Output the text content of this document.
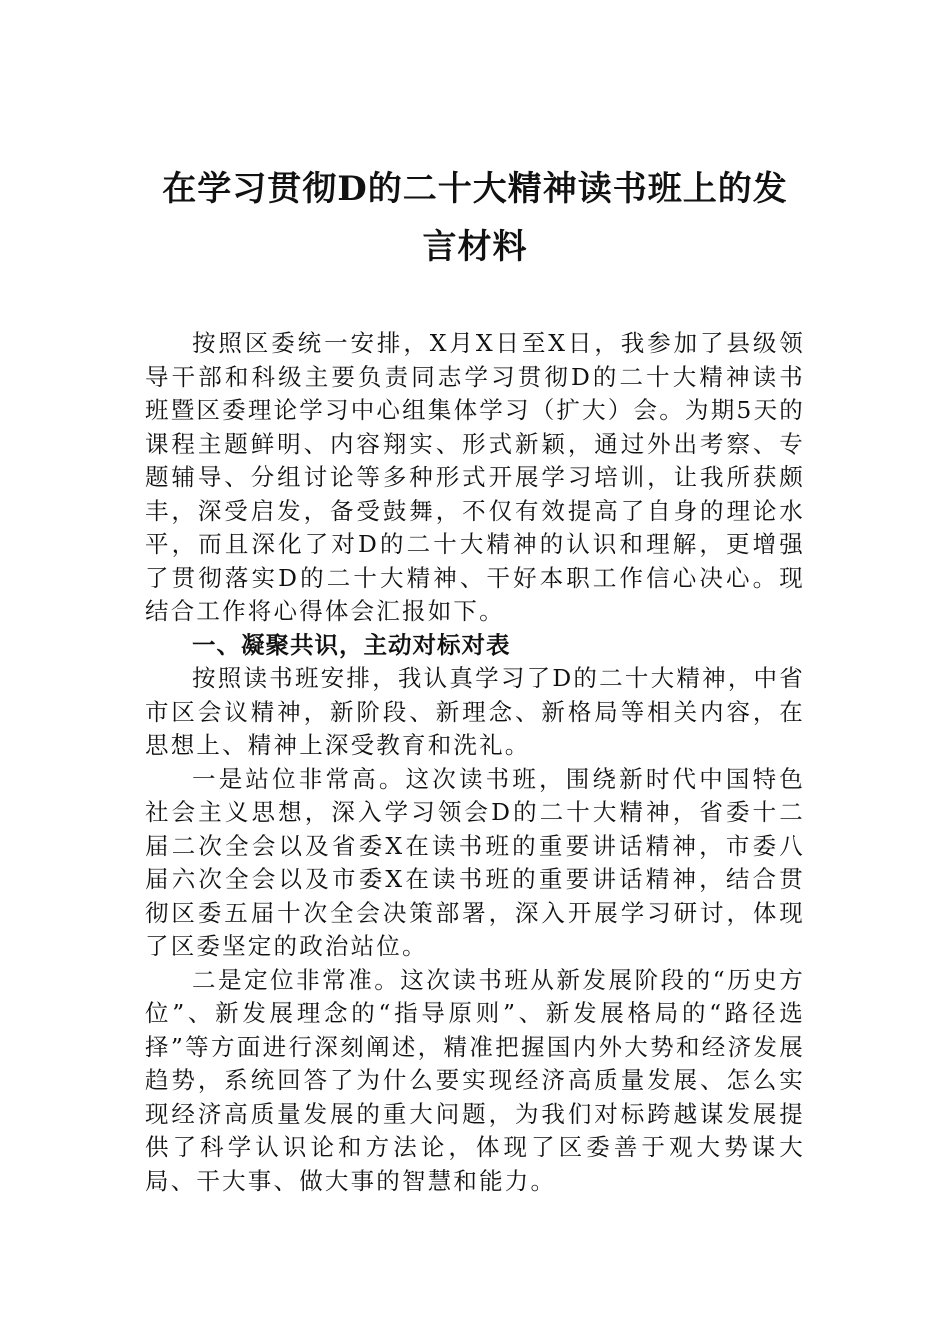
在学习贯彻D的二十大精神读书班上的发言材料

按照区委统一安排，X月X日至X日，我参加了县级领导干部和科级主要负责同志学习贯彻D的二十大精神读书班暨区委理论学习中心组集体学习（扩大）会。为期5天的课程主题鲜明、内容翔实、形式新颖，通过外出考察、专题辅导、分组讨论等多种形式开展学习培训，让我所获颇丰，深受启发，备受鼓舞，不仅有效提高了自身的理论水平，而且深化了对D的二十大精神的认识和理解，更增强了贯彻落实D的二十大精神、干好本职工作信心决心。现结合工作将心得体会汇报如下。

一、凝聚共识，主动对标对表

按照读书班安排，我认真学习了D的二十大精神，中省市区会议精神，新阶段、新理念、新格局等相关内容，在思想上、精神上深受教育和洗礼。

一是站位非常高。这次读书班，围绕新时代中国特色社会主义思想，深入学习领会D的二十大精神，省委十二届二次全会以及省委X在读书班的重要讲话精神，市委八届六次全会以及市委X在读书班的重要讲话精神，结合贯彻区委五届十次全会决策部署，深入开展学习研讨，体现了区委坚定的政治站位。

二是定位非常准。这次读书班从新发展阶段的“历史方位”、新发展理念的“指导原则”、新发展格局的“路径选择”等方面进行深刻阐述，精准把握国内外大势和经济发展趋势，系统回答了为什么要实现经济高质量发展、怎么实现经济高质量发展的重大问题，为我们对标跨越谋发展提供了科学认识论和方法论，体现了区委善于观大势谋大局、干大事、做大事的智慧和能力。
